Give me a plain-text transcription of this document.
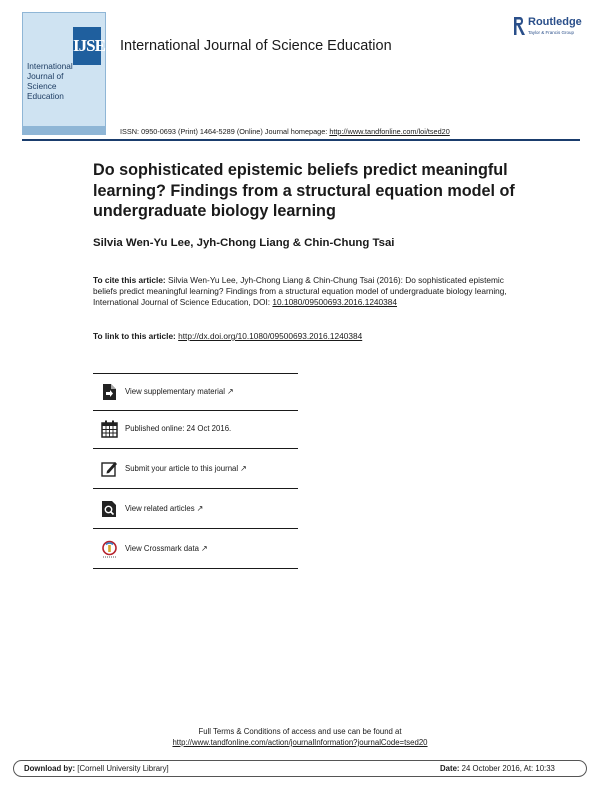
IJSE
International
Journal of
Science
Education
International Journal of Science Education
Routledge
Taylor & Francis Group
ISSN: 0950-0693 (Print) 1464-5289 (Online) Journal homepage: http://www.tandfonline.com/loi/tsed20
Do sophisticated epistemic beliefs predict meaningful learning? Findings from a structural equation model of undergraduate biology learning
Silvia Wen-Yu Lee, Jyh-Chong Liang & Chin-Chung Tsai
To cite this article: Silvia Wen-Yu Lee, Jyh-Chong Liang & Chin-Chung Tsai (2016): Do sophisticated epistemic beliefs predict meaningful learning? Findings from a structural equation model of undergraduate biology learning, International Journal of Science Education, DOI: 10.1080/09500693.2016.1240384
To link to this article: http://dx.doi.org/10.1080/09500693.2016.1240384
View supplementary material ↗
Published online: 24 Oct 2016.
Submit your article to this journal ↗
View related articles ↗
View Crossmark data ↗
Full Terms & Conditions of access and use can be found at
http://www.tandfonline.com/action/journalInformation?journalCode=tsed20
Download by: [Cornell University Library]	Date: 24 October 2016, At: 10:33
